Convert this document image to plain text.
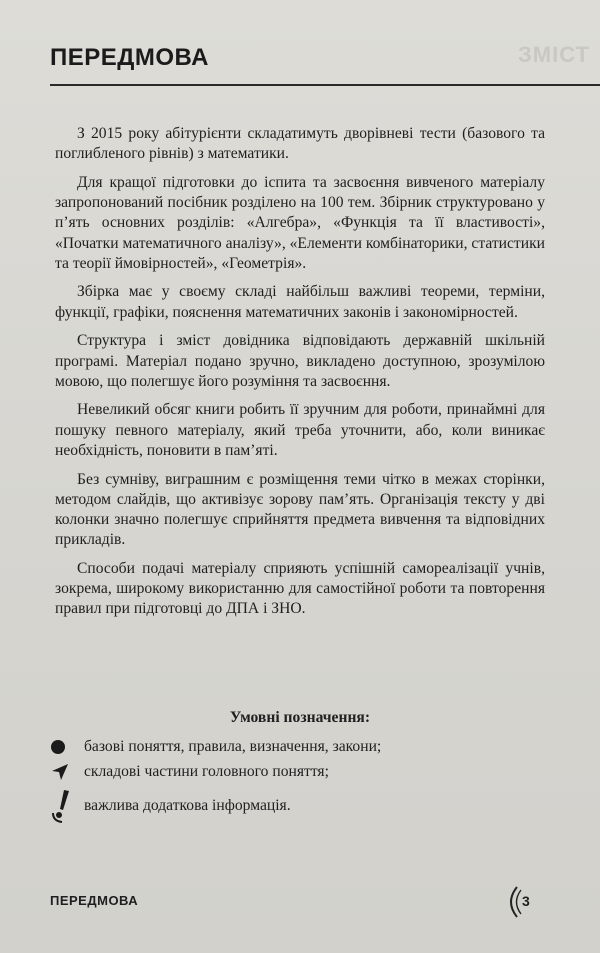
ЗМІСТ
ПЕРЕДМОВА

З 2015 року абітурієнти складатимуть дворівневі тести (базового та поглибленого рівнів) з математики.

Для кращої підготовки до іспита та засвоєння вивченого матеріалу запропонований посібник розділено на 100 тем. Збірник структуровано у п’ять основних розділів: «Алгебра», «Функція та її властивості», «Початки математичного аналізу», «Елементи комбінаторики, статистики та теорії ймовірностей», «Геометрія».

Збірка має у своєму складі найбільш важливі теореми, терміни, функції, графіки, пояснення математичних законів і закономірностей.

Структура і зміст довідника відповідають державній шкільній програмі. Матеріал подано зручно, викладено доступною, зрозумілою мовою, що полегшує його розуміння та засвоєння.

Невеликий обсяг книги робить її зручним для роботи, принаймні для пошуку певного матеріалу, який треба уточнити, або, коли виникає необхідність, поновити в пам’яті.

Без сумніву, виграшним є розміщення теми чітко в межах сторінки, методом слайдів, що активізує зорову пам’ять. Організація тексту у дві колонки значно полегшує сприйняття предмета вивчення та відповідних прикладів.

Способи подачі матеріалу сприяють успішній самореалізації учнів, зокрема, широкому використанню для самостійної роботи та повторення правил при підготовці до ДПА і ЗНО.

Умовні позначення:
базові поняття, правила, визначення, закони;
складові частини головного поняття;
важлива додаткова інформація.
ПЕРЕДМОВА	3
